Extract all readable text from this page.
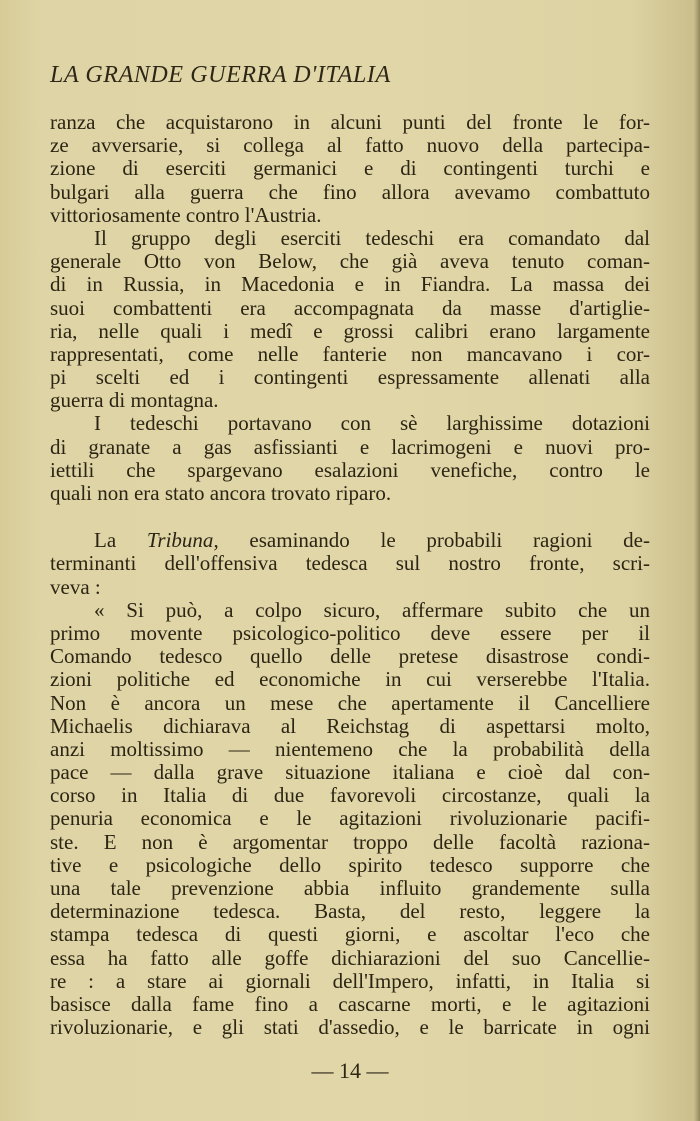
LA GRANDE GUERRA D'ITALIA
ranza che acquistarono in alcuni punti del fronte le for-
ze avversarie, si collega al fatto nuovo della partecipa-
zione di eserciti germanici e di contingenti turchi e
bulgari alla guerra che fino allora avevamo combattuto
vittoriosamente contro l'Austria.
Il gruppo degli eserciti tedeschi era comandato dal
generale Otto von Below, che già aveva tenuto coman-
di in Russia, in Macedonia e in Fiandra. La massa dei
suoi combattenti era accompagnata da masse d'artiglie-
ria, nelle quali i medî e grossi calibri erano largamente
rappresentati, come nelle fanterie non mancavano i cor-
pi scelti ed i contingenti espressamente allenati alla
guerra di montagna.
I tedeschi portavano con sè larghissime dotazioni
di granate a gas asfissianti e lacrimogeni e nuovi pro-
iettili che spargevano esalazioni venefiche, contro le
quali non era stato ancora trovato riparo.
La Tribuna, esaminando le probabili ragioni de-
terminanti dell'offensiva tedesca sul nostro fronte, scri-
veva :
« Si può, a colpo sicuro, affermare subito che un
primo movente psicologico-politico deve essere per il
Comando tedesco quello delle pretese disastrose condi-
zioni politiche ed economiche in cui verserebbe l'Italia.
Non è ancora un mese che apertamente il Cancelliere
Michaelis dichiarava al Reichstag di aspettarsi molto,
anzi moltissimo — nientemeno che la probabilità della
pace — dalla grave situazione italiana e cioè dal con-
corso in Italia di due favorevoli circostanze, quali la
penuria economica e le agitazioni rivoluzionarie pacifi-
ste. E non è argomentar troppo delle facoltà raziona-
tive e psicologiche dello spirito tedesco supporre che
una tale prevenzione abbia influito grandemente sulla
determinazione tedesca. Basta, del resto, leggere la
stampa tedesca di questi giorni, e ascoltar l'eco che
essa ha fatto alle goffe dichiarazioni del suo Cancellie-
re : a stare ai giornali dell'Impero, infatti, in Italia si
basisce dalla fame fino a cascarne morti, e le agitazioni
rivoluzionarie, e gli stati d'assedio, e le barricate in ogni
— 14 —
